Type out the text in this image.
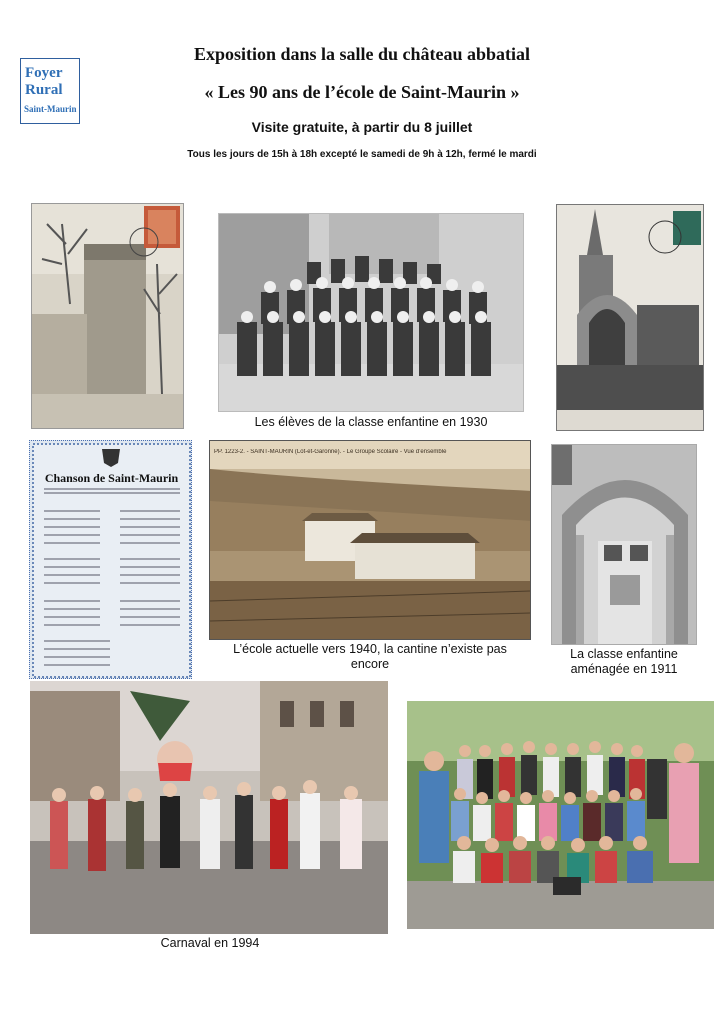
Foyer
Rural
Saint-Maurin
Exposition dans la salle du château abbatial
« Les 90 ans de l’école de Saint-Maurin »
Visite gratuite, à partir du 8 juillet
Tous les jours de 15h à 18h excepté le samedi de 9h à 12h, fermé le mardi
Les élèves de la classe enfantine en 1930
Chanson de Saint-Maurin
PP. 1223-2. - SAINT-MAURIN (Lot-et-Garonne). - Le Groupe Scolaire - Vue d’ensemble
L’école actuelle vers 1940, la cantine n’existe pas encore
La classe enfantine aménagée en 1911
Carnaval en 1994
